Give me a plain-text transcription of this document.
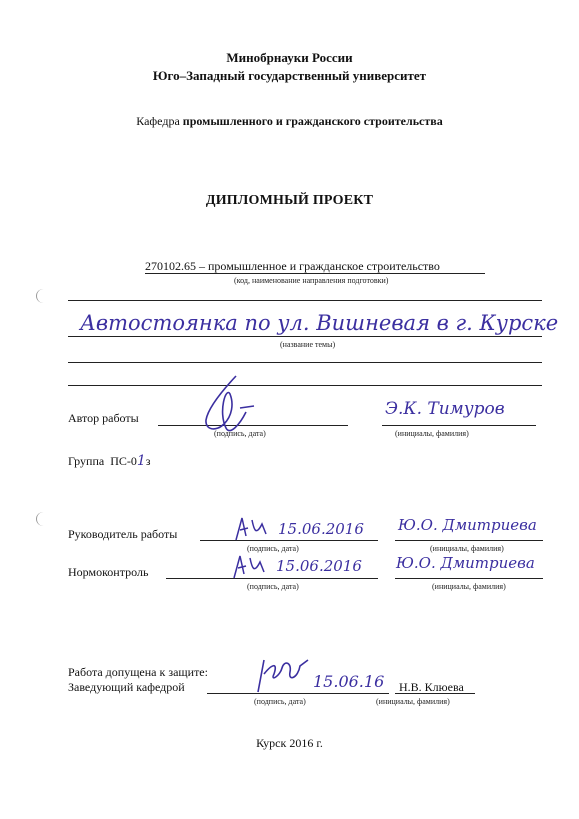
Минобрнауки России
Юго–Западный государственный университет
Кафедра промышленного и гражданского строительства
ДИПЛОМНЫЙ ПРОЕКТ
270102.65 – промышленное и гражданское строительство
(код, наименование направления подготовки)
Автостоянка по ул. Вишневая в г. Курске
(название темы)
Автор работы
(подпись, дата)
Э.К. Тимуров
(инициалы, фамилия)
Группа ПС-01з
Руководитель работы	15.06.2016
(подпись, дата)
Ю.О. Дмитриева
(инициалы, фамилия)
Нормоконтроль	15.06.2016
(подпись, дата)
Ю.О. Дмитриева
(инициалы, фамилия)
Работа допущена к защите:
Заведующий кафедрой	15.06.16
(подпись, дата)
Н.В. Клюева
(инициалы, фамилия)
Курск 2016 г.
